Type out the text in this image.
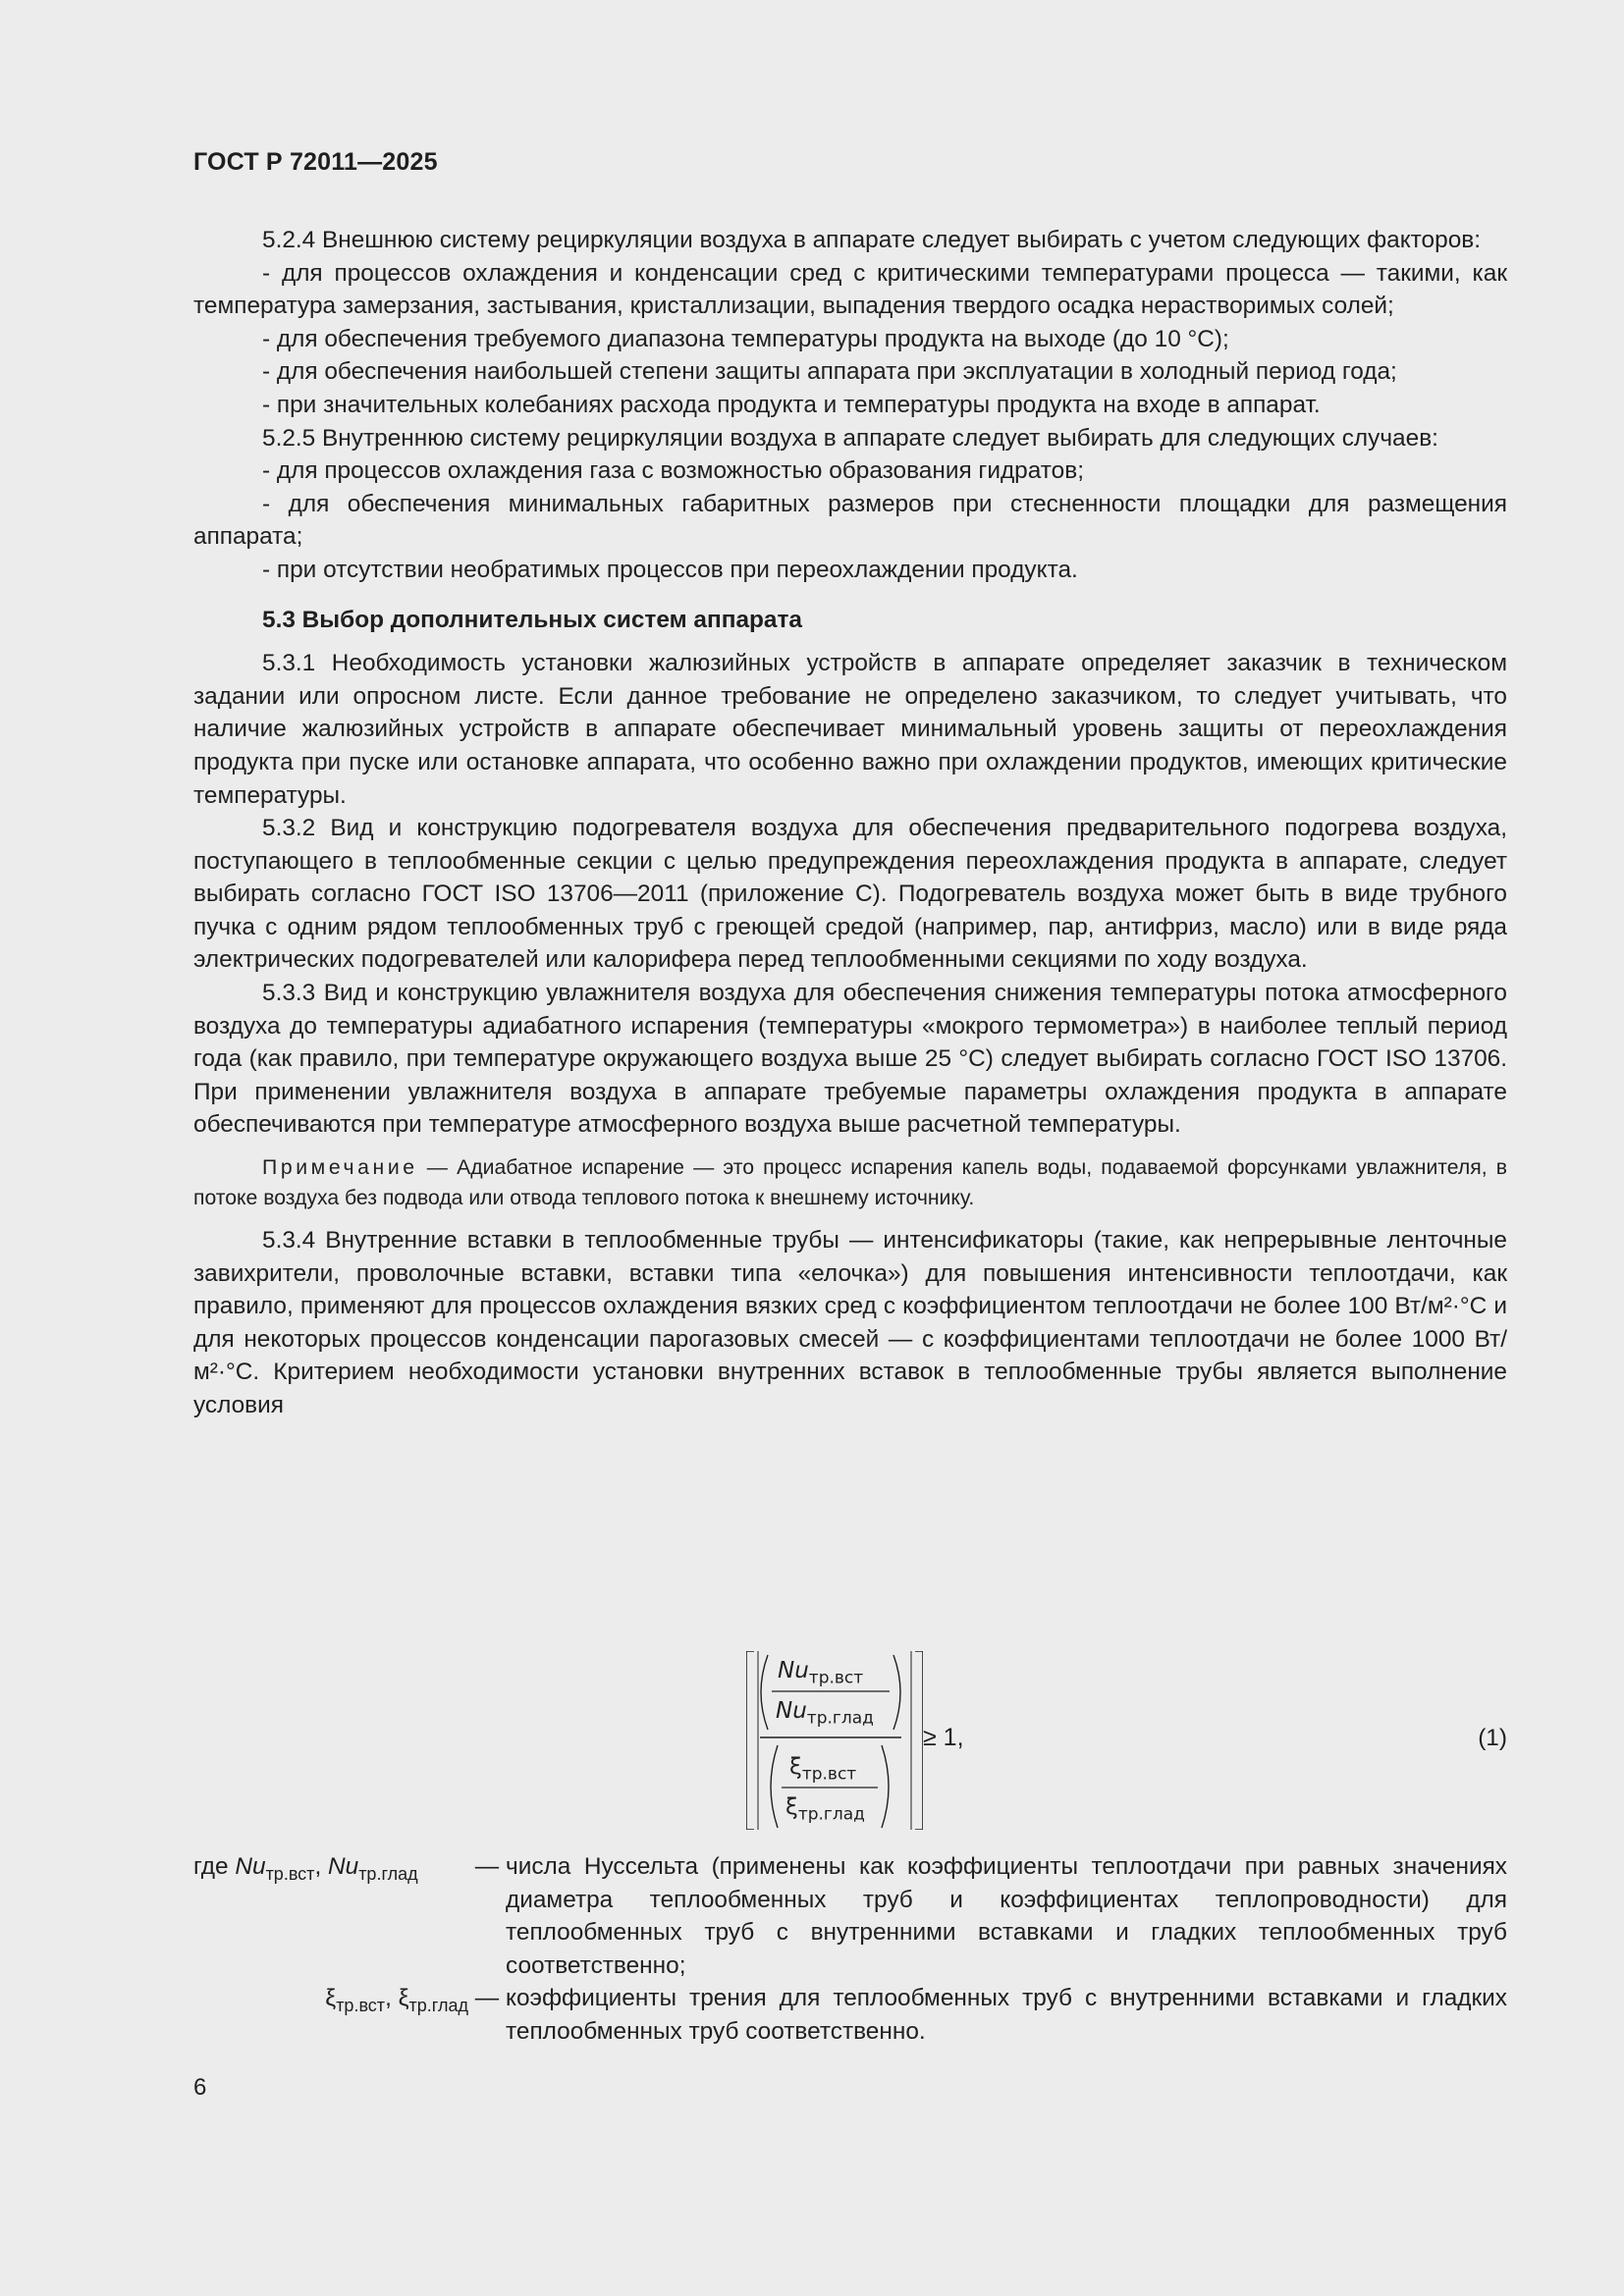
ГОСТ Р 72011—2025

5.2.4 Внешнюю систему рециркуляции воздуха в аппарате следует выбирать с учетом следующих факторов:

- для процессов охлаждения и конденсации сред с критическими температурами процесса — такими, как температура замерзания, застывания, кристаллизации, выпадения твердого осадка нерастворимых солей;

- для обеспечения требуемого диапазона температуры продукта на выходе (до 10 °С);

- для обеспечения наибольшей степени защиты аппарата при эксплуатации в холодный период года;

- при значительных колебаниях расхода продукта и температуры продукта на входе в аппарат.

5.2.5 Внутреннюю систему рециркуляции воздуха в аппарате следует выбирать для следующих случаев:

- для процессов охлаждения газа с возможностью образования гидратов;

- для обеспечения минимальных габаритных размеров при стесненности площадки для размещения аппарата;

- при отсутствии необратимых процессов при переохлаждении продукта.

5.3 Выбор дополнительных систем аппарата

5.3.1 Необходимость установки жалюзийных устройств в аппарате определяет заказчик в техническом задании или опросном листе. Если данное требование не определено заказчиком, то следует учитывать, что наличие жалюзийных устройств в аппарате обеспечивает минимальный уровень защиты от переохлаждения продукта при пуске или остановке аппарата, что особенно важно при охлаждении продуктов, имеющих критические температуры.

5.3.2 Вид и конструкцию подогревателя воздуха для обеспечения предварительного подогрева воздуха, поступающего в теплообменные секции с целью предупреждения переохлаждения продукта в аппарате, следует выбирать согласно ГОСТ ISO 13706—2011 (приложение С). Подогреватель воздуха может быть в виде трубного пучка с одним рядом теплообменных труб с греющей средой (например, пар, антифриз, масло) или в виде ряда электрических подогревателей или калорифера перед теплообменными секциями по ходу воздуха.

5.3.3 Вид и конструкцию увлажнителя воздуха для обеспечения снижения температуры потока атмосферного воздуха до температуры адиабатного испарения (температуры «мокрого термометра») в наиболее теплый период года (как правило, при температуре окружающего воздуха выше 25 °С) следует выбирать согласно ГОСТ ISO 13706. При применении увлажнителя воздуха в аппарате требуемые параметры охлаждения продукта в аппарате обеспечиваются при температуре атмосферного воздуха выше расчетной температуры.

Примечание — Адиабатное испарение — это процесс испарения капель воды, подаваемой форсунками увлажнителя, в потоке воздуха без подвода или отвода теплового потока к внешнему источнику.

5.3.4 Внутренние вставки в теплообменные трубы — интенсификаторы (такие, как непрерывные ленточные завихрители, проволочные вставки, вставки типа «елочка») для повышения интенсивности теплоотдачи, как правило, применяют для процессов охлаждения вязких сред с коэффициентом теплоотдачи не более 100 Вт/м²·°С и для некоторых процессов конденсации парогазовых смесей — с коэффициентами теплоотдачи не более 1000 Вт/м²·°С. Критерием необходимости установки внутренних вставок в теплообменные трубы является выполнение условия

$Nu_{тр.вст}$
$Nu_{тр.глад}$
$\xi_{тр.вст}$
$\xi_{тр.глад}$
≥ 1,	(1)
где $Nu_{тр.вст}$, $Nu_{тр.глад}$	— числа Нуссельта (применены как коэффициенты теплоотдачи при равных значениях диаметра теплообменных труб и коэффициентах теплопроводности) для теплообменных труб с внутренними вставками и гладких теплообменных труб соответственно;
$\xi_{тр.вст}$, $\xi_{тр.глад}$ — коэффициенты трения для теплообменных труб с внутренними вставками и гладких теплообменных труб соответственно.
6
